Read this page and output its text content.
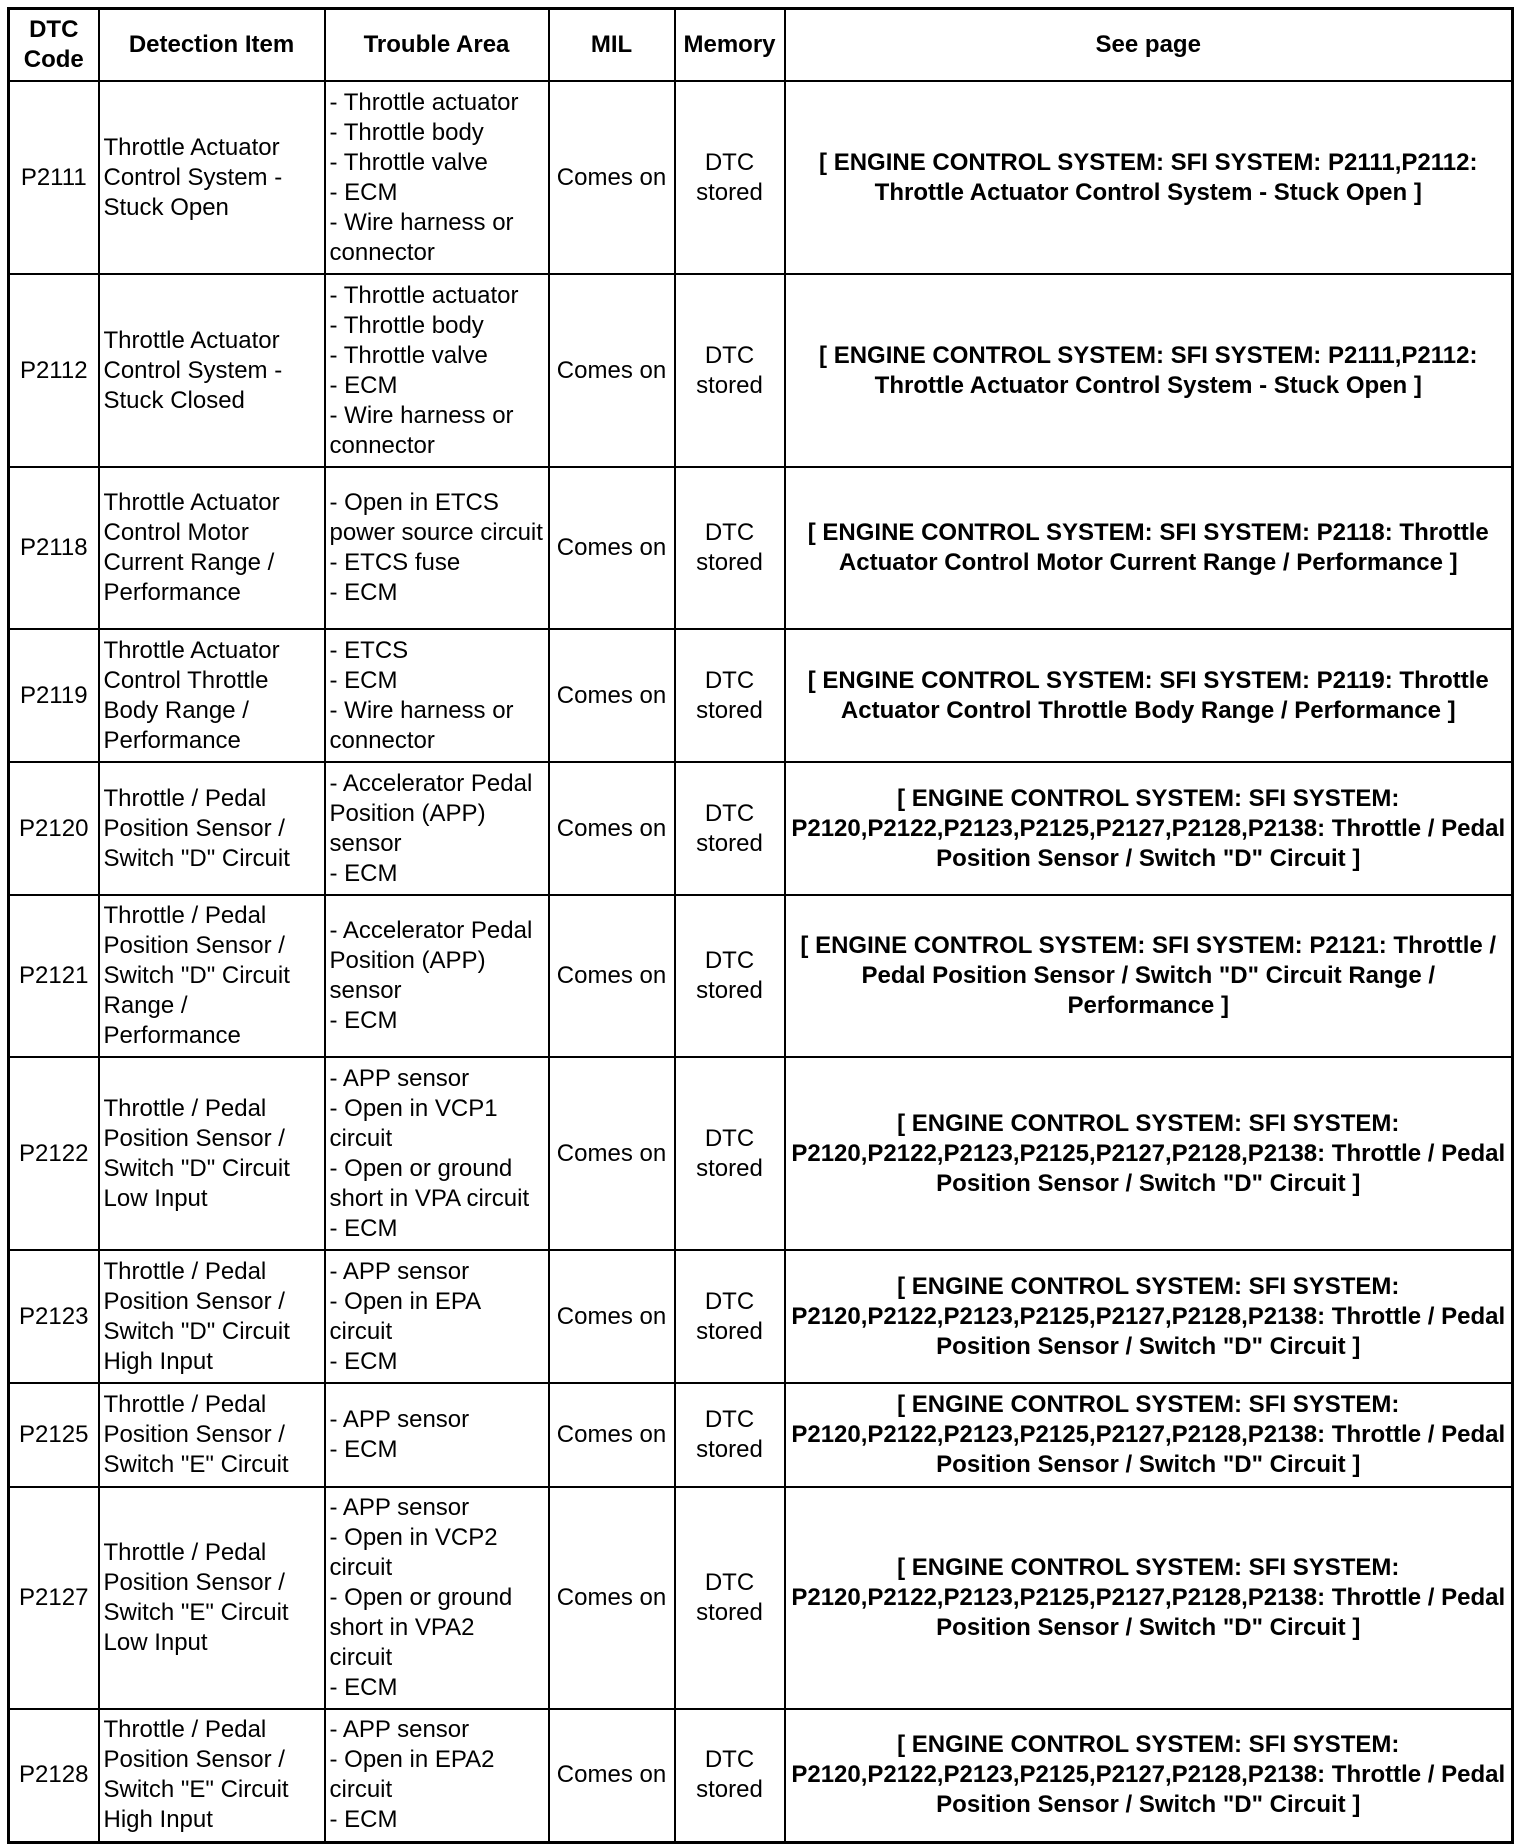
DTC
Code	Detection Item	Trouble Area	MIL	Memory	See page
P2111	Throttle Actuator Control System - Stuck Open	- Throttle actuator
- Throttle body
- Throttle valve
- ECM
- Wire harness or connector	Comes on	DTC
stored	[ ENGINE CONTROL SYSTEM: SFI SYSTEM: P2111,P2112: Throttle Actuator Control System - Stuck Open ]
P2112	Throttle Actuator Control System - Stuck Closed	- Throttle actuator
- Throttle body
- Throttle valve
- ECM
- Wire harness or connector	Comes on	DTC
stored	[ ENGINE CONTROL SYSTEM: SFI SYSTEM: P2111,P2112: Throttle Actuator Control System - Stuck Open ]
P2118	Throttle Actuator Control Motor Current Range / Performance	- Open in ETCS power source circuit
- ETCS fuse
- ECM	Comes on	DTC
stored	[ ENGINE CONTROL SYSTEM: SFI SYSTEM: P2118: Throttle Actuator Control Motor Current Range / Performance ]
P2119	Throttle Actuator Control Throttle Body Range / Performance	- ETCS
- ECM
- Wire harness or connector	Comes on	DTC
stored	[ ENGINE CONTROL SYSTEM: SFI SYSTEM: P2119: Throttle Actuator Control Throttle Body Range / Performance ]
P2120	Throttle / Pedal Position Sensor / Switch "D" Circuit	- Accelerator Pedal Position (APP) sensor
- ECM	Comes on	DTC
stored	[ ENGINE CONTROL SYSTEM: SFI SYSTEM: P2120,P2122,P2123,P2125,P2127,P2128,P2138: Throttle / Pedal Position Sensor / Switch "D" Circuit ]
P2121	Throttle / Pedal Position Sensor / Switch "D" Circuit Range / Performance	- Accelerator Pedal Position (APP) sensor
- ECM	Comes on	DTC
stored	[ ENGINE CONTROL SYSTEM: SFI SYSTEM: P2121: Throttle / Pedal Position Sensor / Switch "D" Circuit Range / Performance ]
P2122	Throttle / Pedal Position Sensor / Switch "D" Circuit Low Input	- APP sensor
- Open in VCP1 circuit
- Open or ground short in VPA circuit
- ECM	Comes on	DTC
stored	[ ENGINE CONTROL SYSTEM: SFI SYSTEM: P2120,P2122,P2123,P2125,P2127,P2128,P2138: Throttle / Pedal Position Sensor / Switch "D" Circuit ]
P2123	Throttle / Pedal Position Sensor / Switch "D" Circuit High Input	- APP sensor
- Open in EPA circuit
- ECM	Comes on	DTC
stored	[ ENGINE CONTROL SYSTEM: SFI SYSTEM: P2120,P2122,P2123,P2125,P2127,P2128,P2138: Throttle / Pedal Position Sensor / Switch "D" Circuit ]
P2125	Throttle / Pedal Position Sensor / Switch "E" Circuit	- APP sensor
- ECM	Comes on	DTC
stored	[ ENGINE CONTROL SYSTEM: SFI SYSTEM: P2120,P2122,P2123,P2125,P2127,P2128,P2138: Throttle / Pedal Position Sensor / Switch "D" Circuit ]
P2127	Throttle / Pedal Position Sensor / Switch "E" Circuit Low Input	- APP sensor
- Open in VCP2 circuit
- Open or ground short in VPA2 circuit
- ECM	Comes on	DTC
stored	[ ENGINE CONTROL SYSTEM: SFI SYSTEM: P2120,P2122,P2123,P2125,P2127,P2128,P2138: Throttle / Pedal Position Sensor / Switch "D" Circuit ]
P2128	Throttle / Pedal Position Sensor / Switch "E" Circuit High Input	- APP sensor
- Open in EPA2 circuit
- ECM	Comes on	DTC
stored	[ ENGINE CONTROL SYSTEM: SFI SYSTEM: P2120,P2122,P2123,P2125,P2127,P2128,P2138: Throttle / Pedal Position Sensor / Switch "D" Circuit ]
